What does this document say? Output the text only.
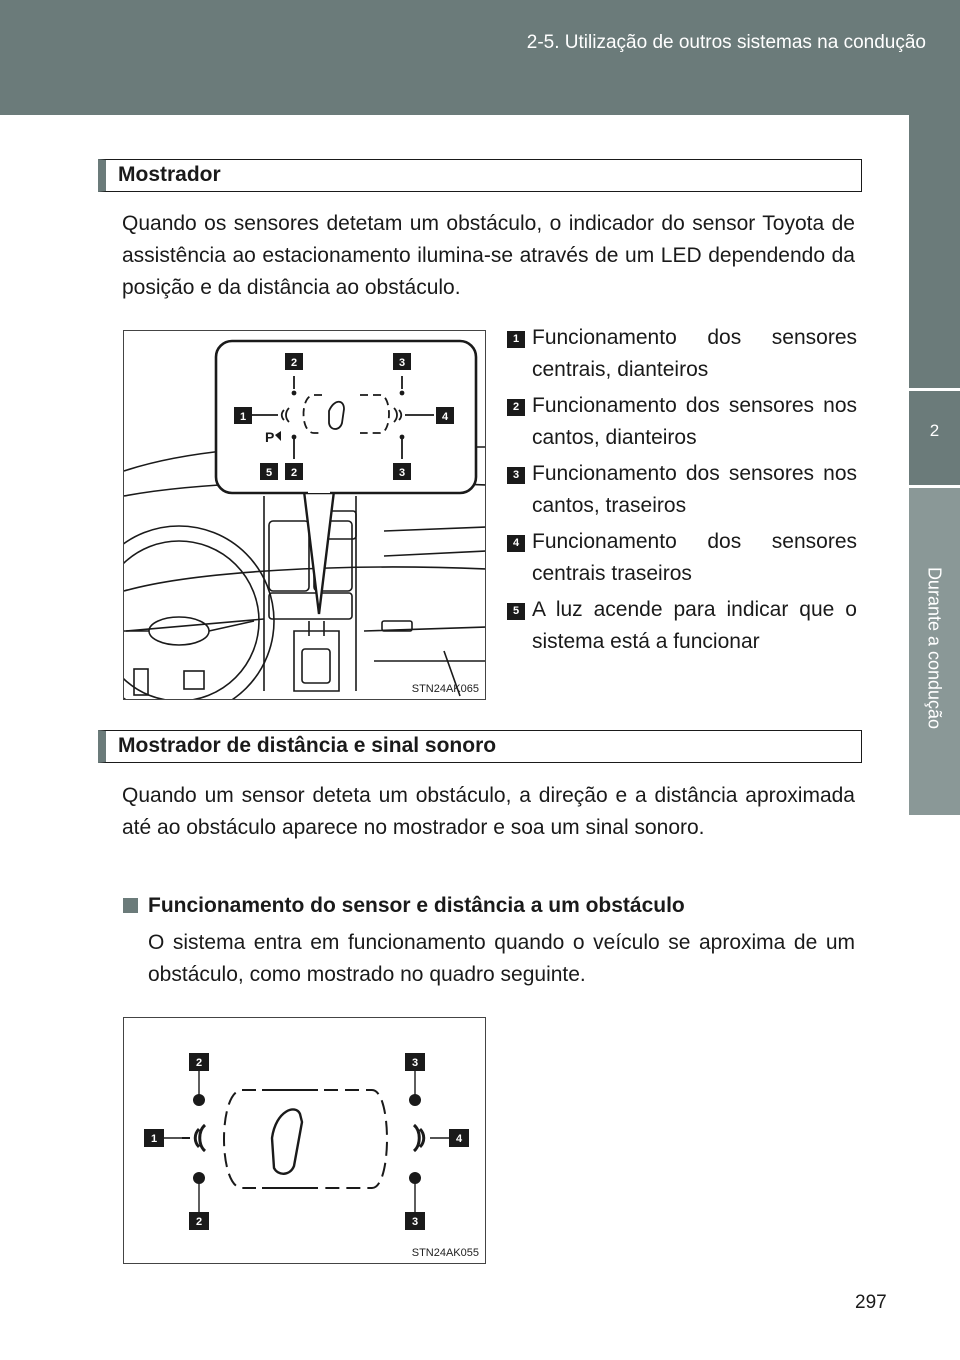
2-5. Utilização de outros sistemas na condução
2
Durante a condução
Mostrador
Quando os sensores detetam um obstáculo, o indicador do sensor Toyota de assistência ao estacionamento ilumina-se através de um LED dependendo da posição e da distância ao obstáculo.
P
2	3
1	4
5 2	3
STN24AK065
1 Funcionamento dos sensores centrais, dianteiros
2 Funcionamento dos sensores nos cantos, dianteiros
3 Funcionamento dos sensores nos cantos, traseiros
4 Funcionamento dos sensores centrais traseiros
5 A luz acende para indicar que o sistema está a funcionar
Mostrador de distância e sinal sonoro
Quando um sensor deteta um obstáculo, a direção e a distância aproximada até ao obstáculo aparece no mostrador e soa um sinal sonoro.
Funcionamento do sensor e distância a um obstáculo
O sistema entra em funcionamento quando o veículo se aproxima de um obstáculo, como mostrado no quadro seguinte.
2	3
1	4
2	3
STN24AK055
297
